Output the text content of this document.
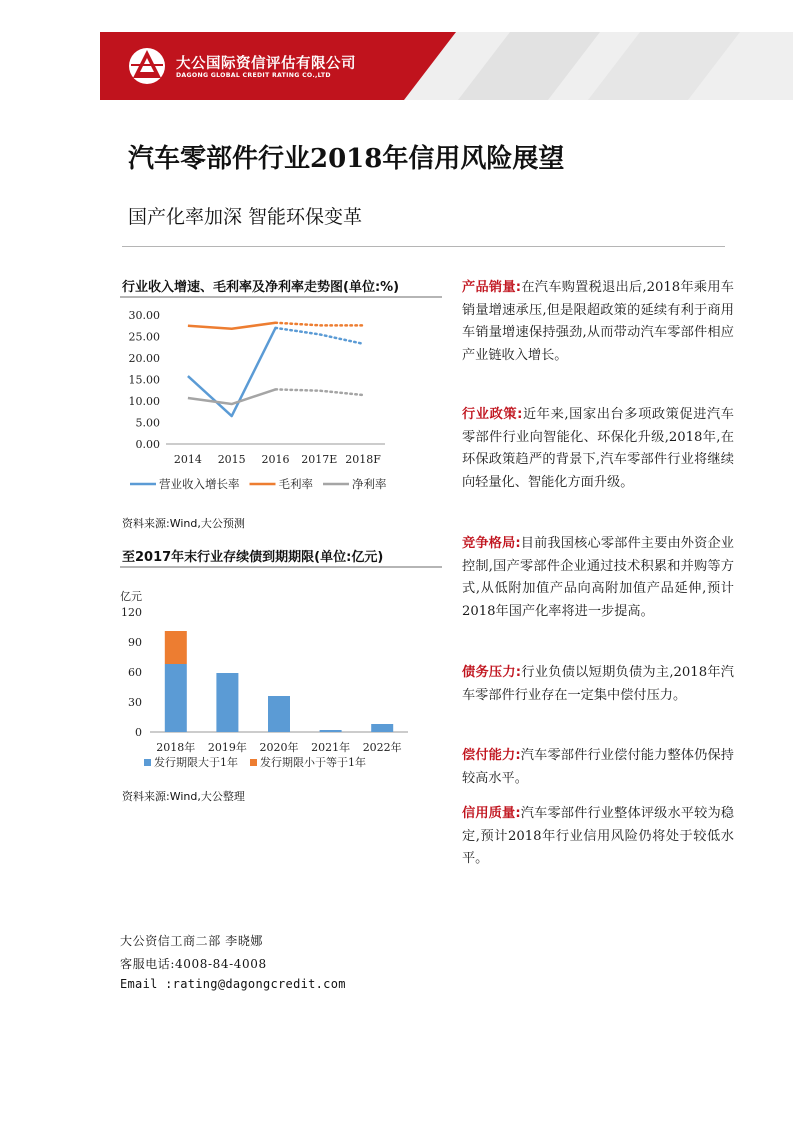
大公国际资信评估有限公司
DAGONG GLOBAL CREDIT RATING CO.,LTD
汽车零部件行业2018年信用风险展望
国产化率加深 智能环保变革
行业收入增速、毛利率及净利率走势图(单位:%)
0.00
5.00
10.00
15.00
20.00
25.00
30.00
2014 2015 2016 2017E 2018F
营业收入增长率	毛利率	净利率
资料来源:Wind,大公预测
至2017年末行业存续债到期期限(单位:亿元)
亿元
0
30
60
90
120
2018年 2019年 2020年 2021年 2022年
发行期限大于1年 发行期限小于等于1年
资料来源:Wind,大公整理
产品销量:在汽车购置税退出后,2018年乘用车销量增速承压,但是限超政策的延续有利于商用车销量增速保持强劲,从而带动汽车零部件相应产业链收入增长。
行业政策:近年来,国家出台多项政策促进汽车零部件行业向智能化、环保化升级,2018年,在环保政策趋严的背景下,汽车零部件行业将继续向轻量化、智能化方面升级。
竞争格局:目前我国核心零部件主要由外资企业控制,国产零部件企业通过技术积累和并购等方式,从低附加值产品向高附加值产品延伸,预计2018年国产化率将进一步提高。
债务压力:行业负债以短期负债为主,2018年汽车零部件行业存在一定集中偿付压力。
偿付能力:汽车零部件行业偿付能力整体仍保持较高水平。
信用质量:汽车零部件行业整体评级水平较为稳定,预计2018年行业信用风险仍将处于较低水平。
大公资信工商二部 李晓娜
客服电话:4008-84-4008
Email :rating@dagongcredit.com
